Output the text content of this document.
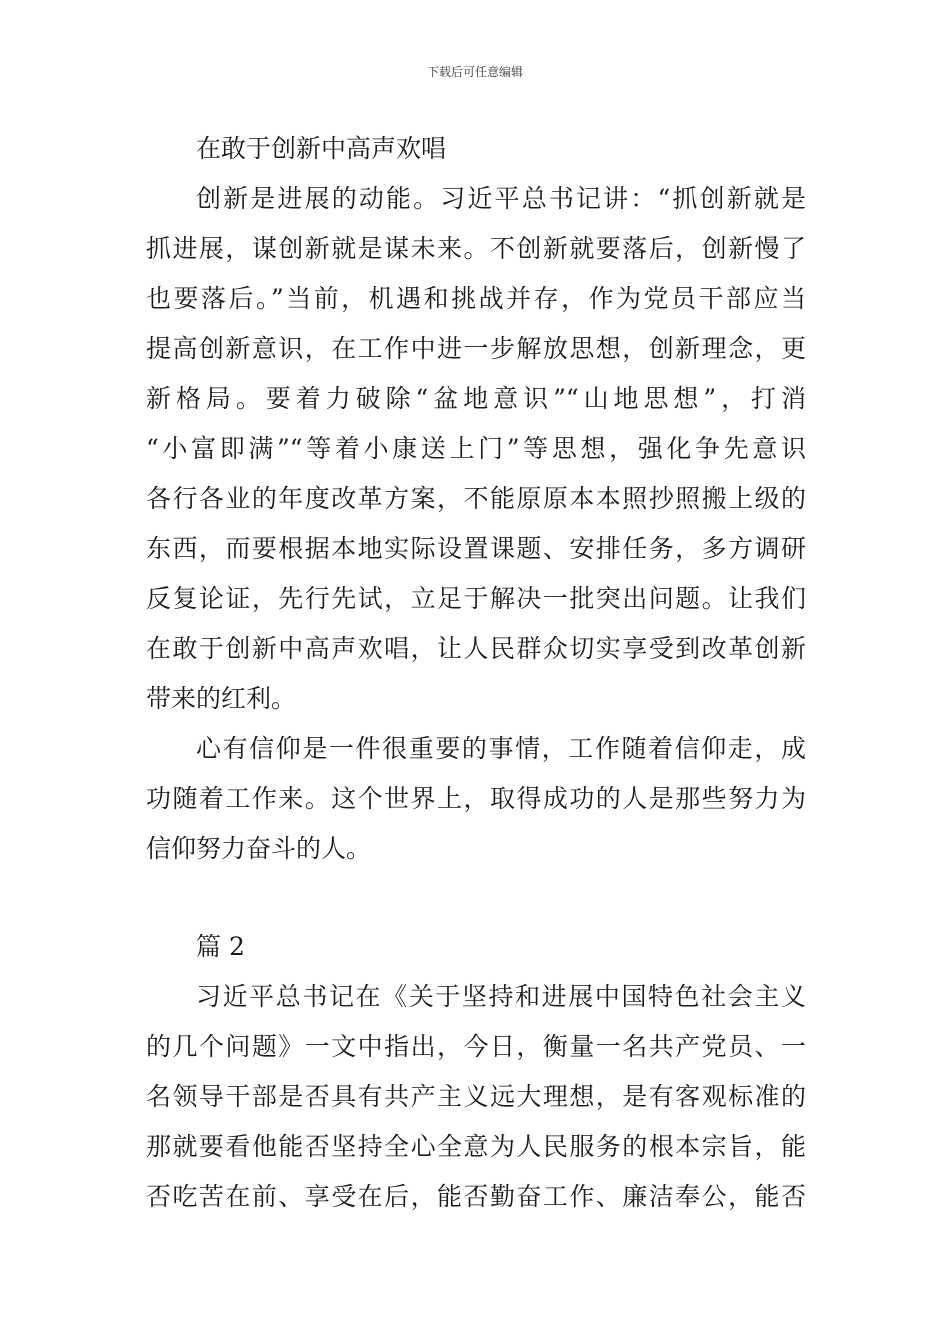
下载后可任意编辑
在敢于创新中高声欢唱
创新是进展的动能。习近平总书记讲：“抓创新就是
抓进展，谋创新就是谋未来。不创新就要落后，创新慢了
也要落后。”当前，机遇和挑战并存，作为党员干部应当
提高创新意识，在工作中进一步解放思想，创新理念，更
新格局。要着力破除“盆地意识”“山地思想”，打消
“小富即满”“等着小康送上门”等思想，强化争先意识
各行各业的年度改革方案，不能原原本本照抄照搬上级的
东西，而要根据本地实际设置课题、安排任务，多方调研
反复论证，先行先试，立足于解决一批突出问题。让我们
在敢于创新中高声欢唱，让人民群众切实享受到改革创新
带来的红利。
心有信仰是一件很重要的事情，工作随着信仰走，成
功随着工作来。这个世界上，取得成功的人是那些努力为
信仰努力奋斗的人。
篇 2
习近平总书记在《关于坚持和进展中国特色社会主义
的几个问题》一文中指出，今日，衡量一名共产党员、一
名领导干部是否具有共产主义远大理想，是有客观标准的
那就要看他能否坚持全心全意为人民服务的根本宗旨，能
否吃苦在前、享受在后，能否勤奋工作、廉洁奉公，能否
